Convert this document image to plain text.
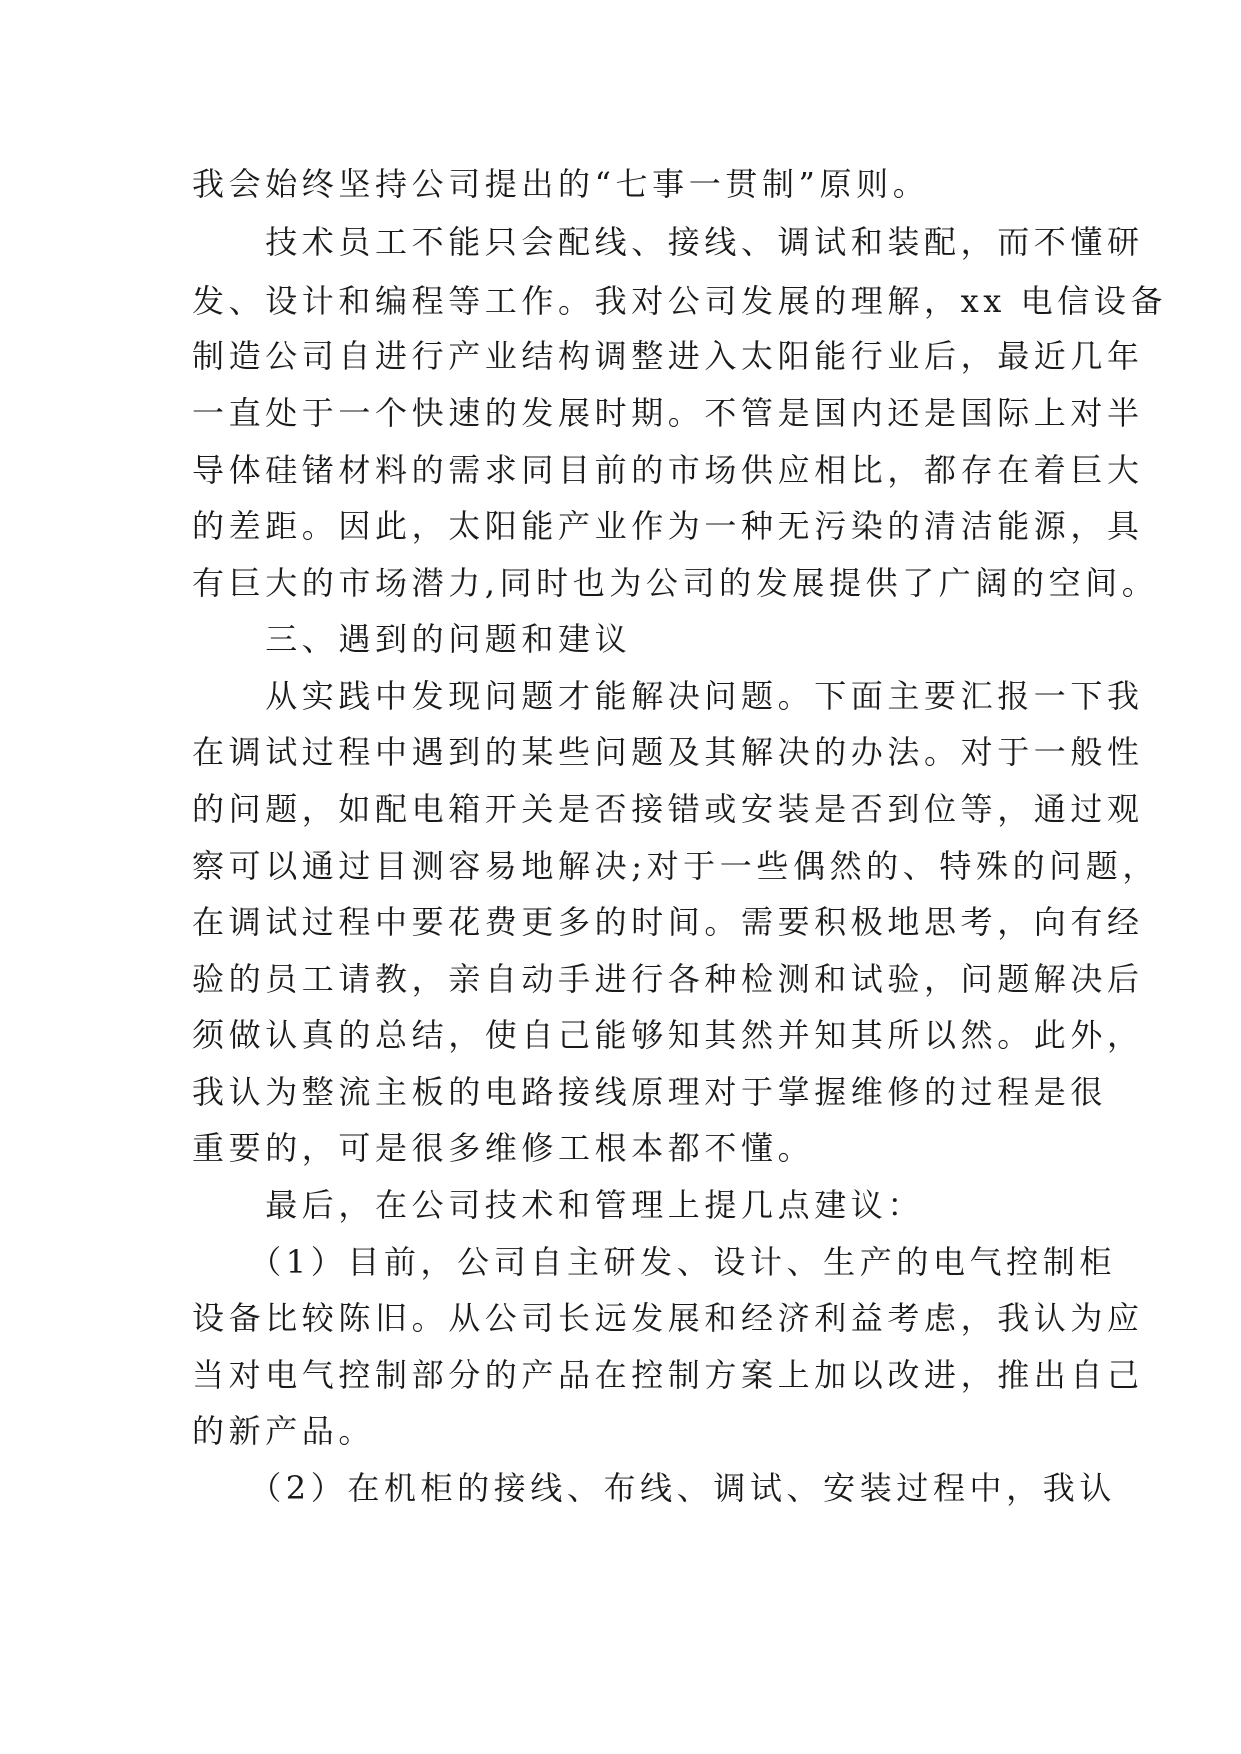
我会始终坚持公司提出的“七事一贯制”原则。
　　技术员工不能只会配线、接线、调试和装配，而不懂研
发、设计和编程等工作。我对公司发展的理解，xx 电信设备
制造公司自进行产业结构调整进入太阳能行业后，最近几年
一直处于一个快速的发展时期。不管是国内还是国际上对半
导体硅锗材料的需求同目前的市场供应相比，都存在着巨大
的差距。因此，太阳能产业作为一种无污染的清洁能源，具
有巨大的市场潜力,同时也为公司的发展提供了广阔的空间。
　　三、遇到的问题和建议
　　从实践中发现问题才能解决问题。下面主要汇报一下我
在调试过程中遇到的某些问题及其解决的办法。对于一般性
的问题，如配电箱开关是否接错或安装是否到位等，通过观
察可以通过目测容易地解决;对于一些偶然的、特殊的问题，
在调试过程中要花费更多的时间。需要积极地思考，向有经
验的员工请教，亲自动手进行各种检测和试验，问题解决后
须做认真的总结，使自己能够知其然并知其所以然。此外，
我认为整流主板的电路接线原理对于掌握维修的过程是很
重要的，可是很多维修工根本都不懂。
　　最后，在公司技术和管理上提几点建议：
　　（1）目前，公司自主研发、设计、生产的电气控制柜
设备比较陈旧。从公司长远发展和经济利益考虑，我认为应
当对电气控制部分的产品在控制方案上加以改进，推出自己
的新产品。
　　（2）在机柜的接线、布线、调试、安装过程中，我认
